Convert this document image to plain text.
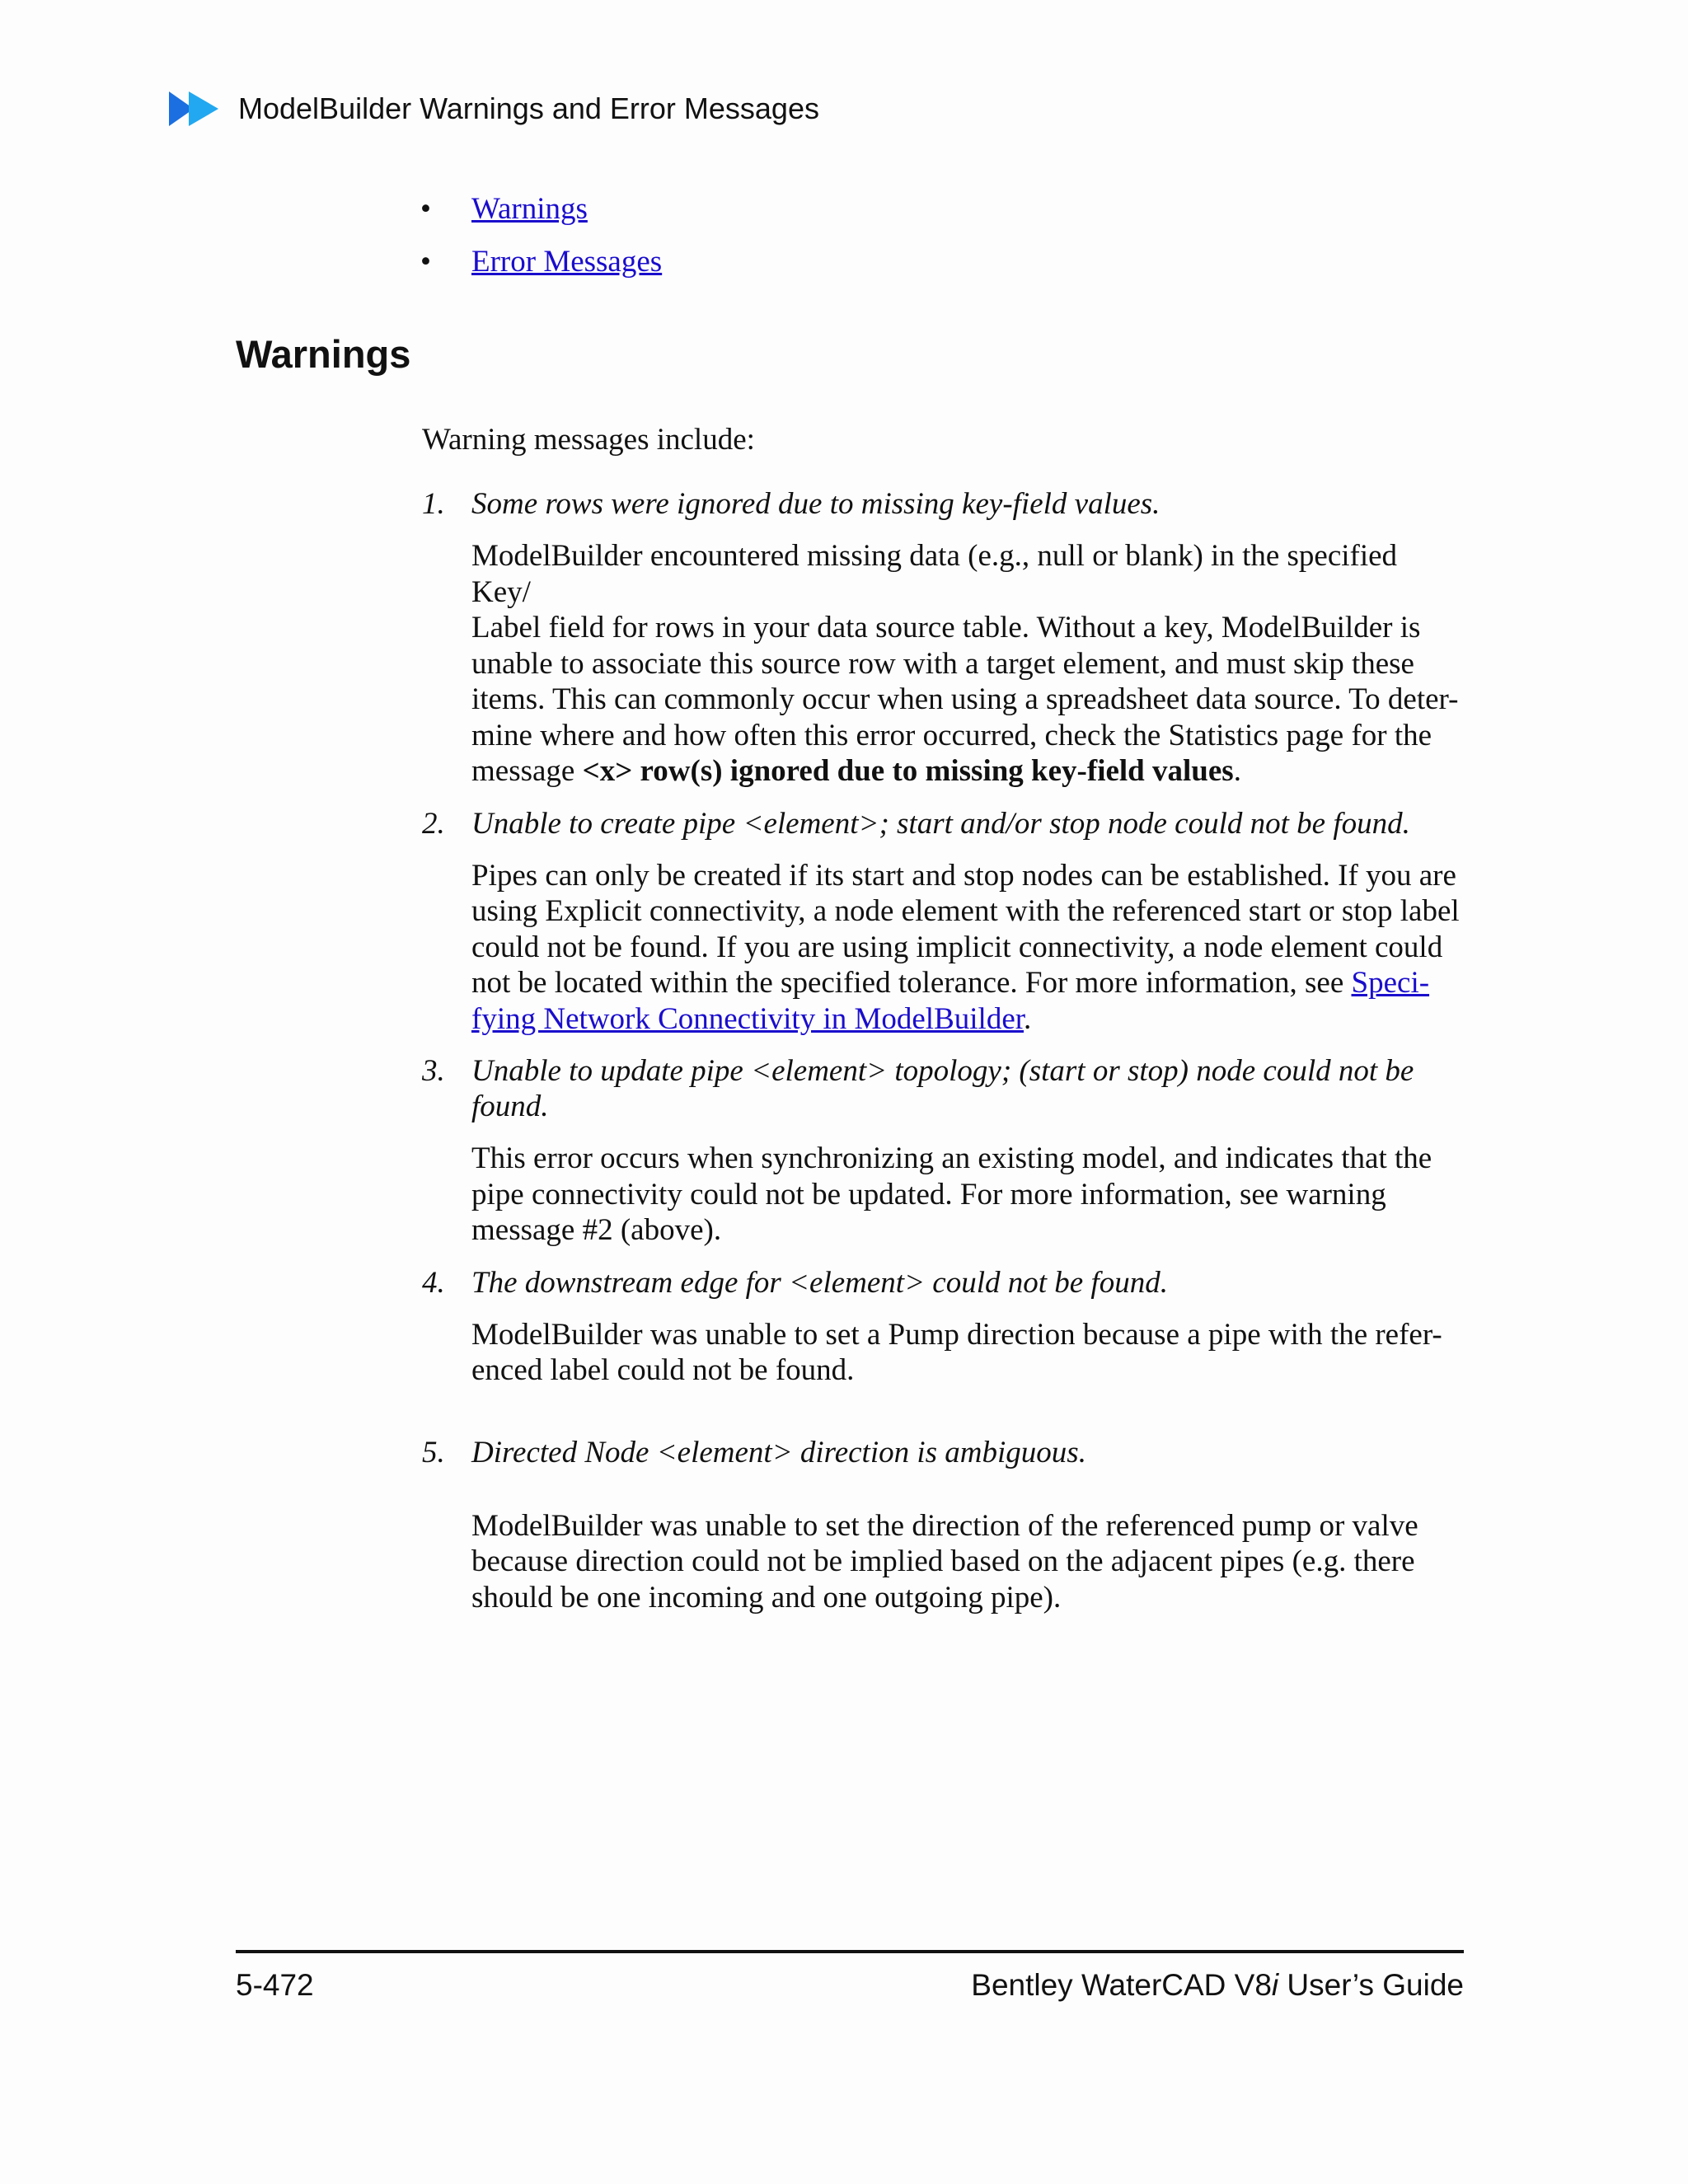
ModelBuilder Warnings and Error Messages
• Warnings
• Error Messages
Warnings

Warning messages include:

1. Some rows were ignored due to missing key-field values.

ModelBuilder encountered missing data (e.g., null or blank) in the specified Key/
Label field for rows in your data source table. Without a key, ModelBuilder is
unable to associate this source row with a target element, and must skip these
items. This can commonly occur when using a spreadsheet data source. To deter-
mine where and how often this error occurred, check the Statistics page for the
message <x> row(s) ignored due to missing key-field values.

2. Unable to create pipe <element>; start and/or stop node could not be found.

Pipes can only be created if its start and stop nodes can be established. If you are
using Explicit connectivity, a node element with the referenced start or stop label
could not be found. If you are using implicit connectivity, a node element could
not be located within the specified tolerance. For more information, see Speci-
fying Network Connectivity in ModelBuilder.

3. Unable to update pipe <element> topology; (start or stop) node could not be
found.

This error occurs when synchronizing an existing model, and indicates that the
pipe connectivity could not be updated. For more information, see warning
message #2 (above).

4. The downstream edge for <element> could not be found.

ModelBuilder was unable to set a Pump direction because a pipe with the refer-
enced label could not be found.

5. Directed Node <element> direction is ambiguous.

ModelBuilder was unable to set the direction of the referenced pump or valve
because direction could not be implied based on the adjacent pipes (e.g. there
should be one incoming and one outgoing pipe).

5-472	Bentley WaterCAD V8i User’s Guide
